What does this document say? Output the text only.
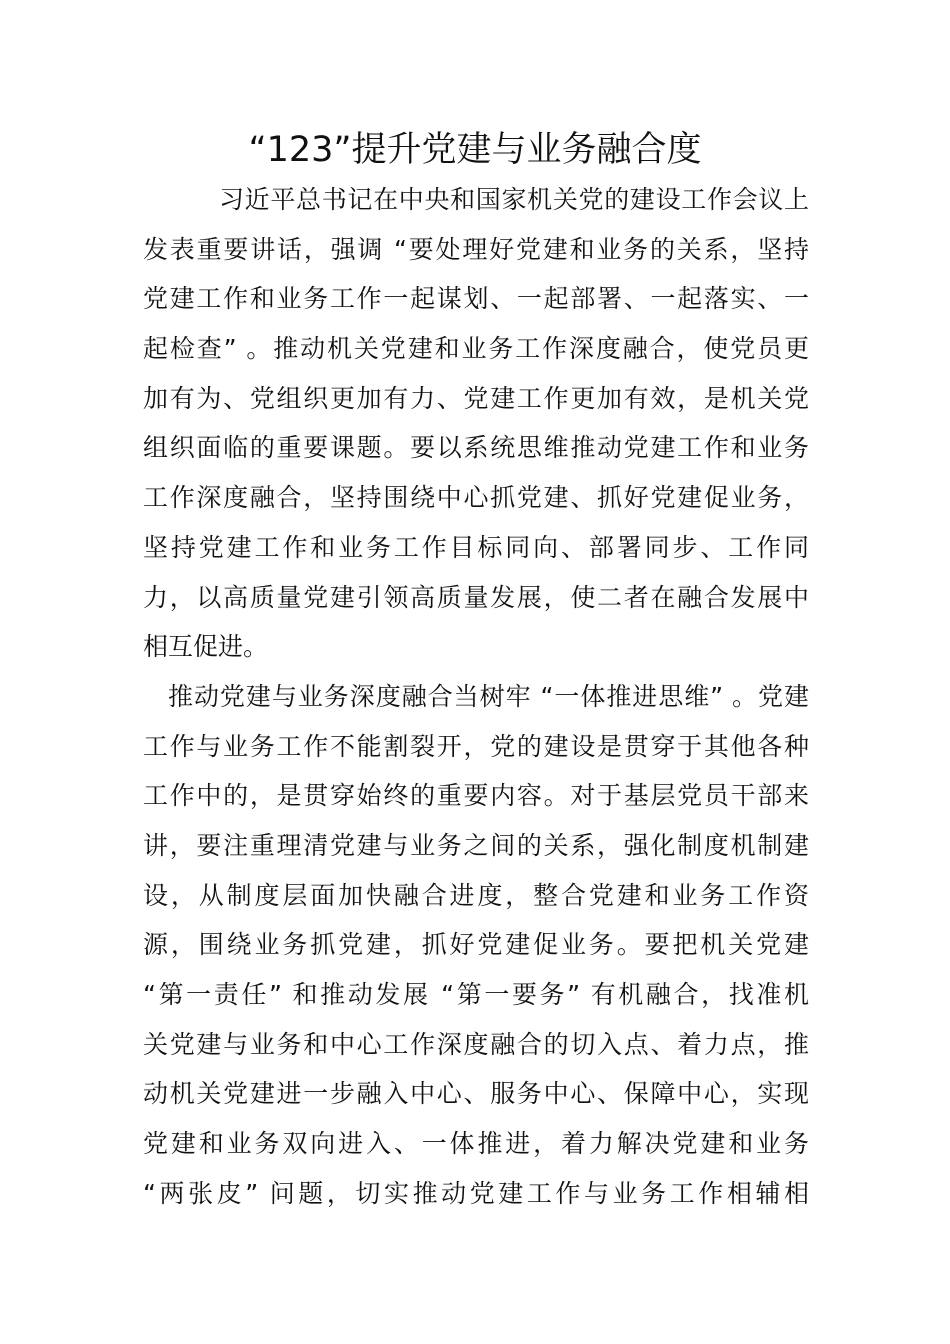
“123”提升党建与业务融合度
习近平总书记在中央和国家机关党的建设工作会议上
发表重要讲话，强调 “要处理好党建和业务的关系，坚持
党建工作和业务工作一起谋划、一起部署、一起落实、一
起检查” 。推动机关党建和业务工作深度融合，使党员更
加有为、党组织更加有力、党建工作更加有效，是机关党
组织面临的重要课题。要以系统思维推动党建工作和业务
工作深度融合，坚持围绕中心抓党建、抓好党建促业务，
坚持党建工作和业务工作目标同向、部署同步、工作同
力，以高质量党建引领高质量发展，使二者在融合发展中
相互促进。
推动党建与业务深度融合当树牢 “一体推进思维” 。党建
工作与业务工作不能割裂开，党的建设是贯穿于其他各种
工作中的，是贯穿始终的重要内容。对于基层党员干部来
讲，要注重理清党建与业务之间的关系，强化制度机制建
设，从制度层面加快融合进度，整合党建和业务工作资
源，围绕业务抓党建，抓好党建促业务。要把机关党建
“第一责任” 和推动发展 “第一要务” 有机融合，找准机
关党建与业务和中心工作深度融合的切入点、着力点，推
动机关党建进一步融入中心、服务中心、保障中心，实现
党建和业务双向进入、一体推进，着力解决党建和业务
“两张皮” 问题，切实推动党建工作与业务工作相辅相
